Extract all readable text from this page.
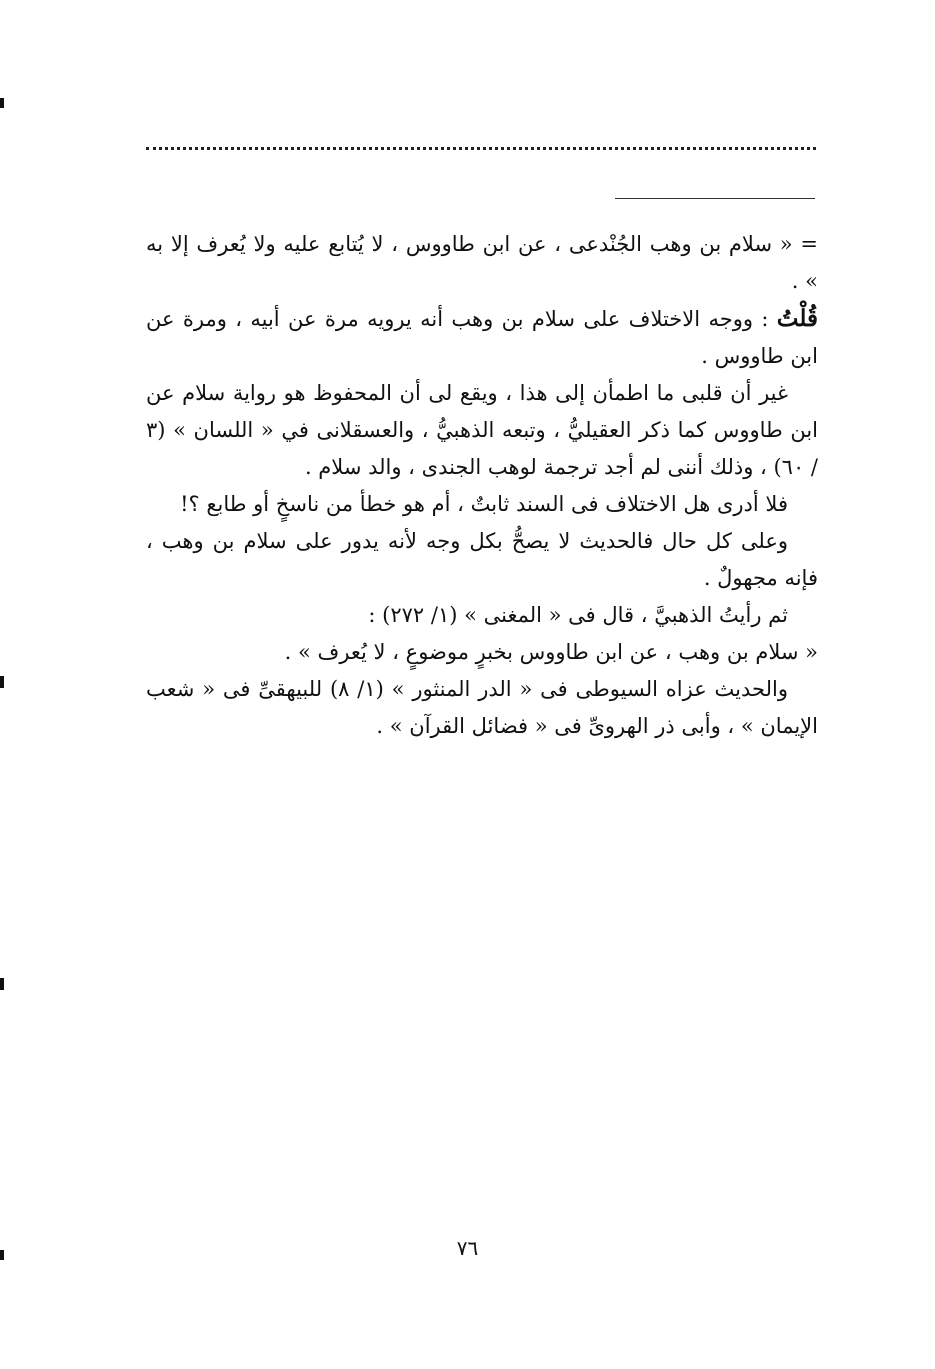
= « سلام بن وهب الجُنْدعى ، عن ابن طاووس ، لا يُتابع عليه ولا يُعرف إلا به » .

قُلْتُ : ووجه الاختلاف على سلام بن وهب أنه يرويه مرة عن أبيه ، ومرة عن ابن طاووس .

غير أن قلبى ما اطمأن إلى هذا ، ويقع لى أن المحفوظ هو رواية سلام عن ابن طاووس كما ذكر العقيليُّ ، وتبعه الذهبيُّ ، والعسقلانى في « اللسان » (٣ / ٦٠) ، وذلك أننى لم أجد ترجمة لوهب الجندى ، والد سلام .

فلا أدرى هل الاختلاف فى السند ثابتٌ ، أم هو خطأ من ناسخٍ أو طابع ؟!

وعلى كل حال فالحديث لا يصحُّ بكل وجه لأنه يدور على سلام بن وهب ، فإنه مجهولٌ .

ثم رأيتُ الذهبيَّ ، قال فى « المغنى » (١/ ٢٧٢) :

« سلام بن وهب ، عن ابن طاووس بخبرٍ موضوعٍ ، لا يُعرف » .

والحديث عزاه السيوطى فى « الدر المنثور » (١/ ٨) للبيهقىِّ فى « شعب الإيمان » ، وأبى ذر الهروىِّ فى « فضائل القرآن » .

٧٦
